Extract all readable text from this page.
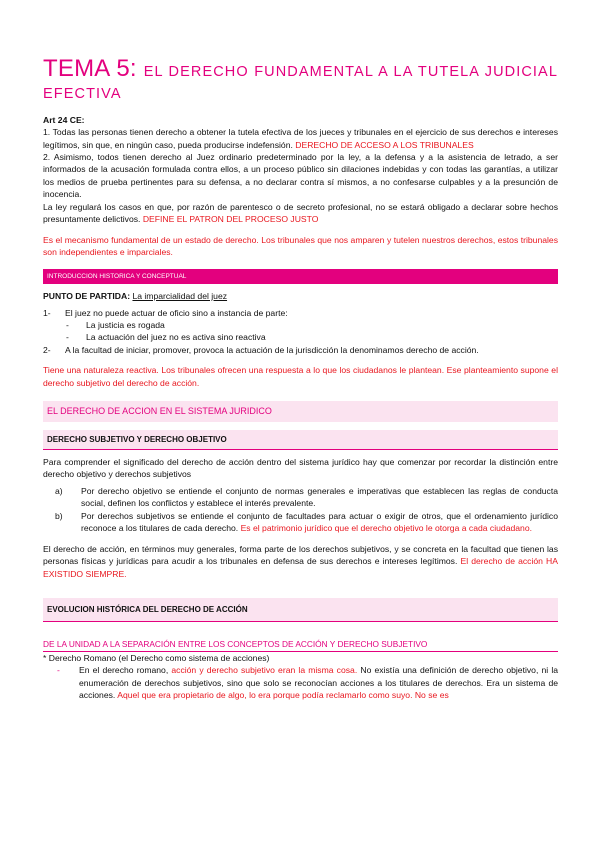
TEMA 5: EL DERECHO FUNDAMENTAL A LA TUTELA JUDICIAL
EFECTIVA

Art 24 CE:

1. Todas las personas tienen derecho a obtener la tutela efectiva de los jueces y tribunales en el ejercicio de sus derechos e intereses legítimos, sin que, en ningún caso, pueda producirse indefensión. DERECHO DE ACCESO A LOS TRIBUNALES

2. Asimismo, todos tienen derecho al Juez ordinario predeterminado por la ley, a la defensa y a la asistencia de letrado, a ser informados de la acusación formulada contra ellos, a un proceso público sin dilaciones indebidas y con todas las garantías, a utilizar los medios de prueba pertinentes para su defensa, a no declarar contra sí mismos, a no confesarse culpables y a la presunción de inocencia.

La ley regulará los casos en que, por razón de parentesco o de secreto profesional, no se estará obligado a declarar sobre hechos presuntamente delictivos. DEFINE EL PATRON DEL PROCESO JUSTO

Es el mecanismo fundamental de un estado de derecho. Los tribunales que nos amparen y tutelen nuestros derechos, estos tribunales son independientes e imparciales.

INTRODUCCION HISTORICA Y CONCEPTUAL

PUNTO DE PARTIDA: La imparcialidad del juez

1-	El juez no puede actuar de oficio sino a instancia de parte:
-	La justicia es rogada
-	La actuación del juez no es activa sino reactiva
2-	A la facultad de iniciar, promover, provoca la actuación de la jurisdicción la denominamos derecho de acción.

Tiene una naturaleza reactiva. Los tribunales ofrecen una respuesta a lo que los ciudadanos le plantean. Ese planteamiento supone el derecho subjetivo del derecho de acción.

EL DERECHO DE ACCION EN EL SISTEMA JURIDICO
DERECHO SUBJETIVO Y DERECHO OBJETIVO

Para comprender el significado del derecho de acción dentro del sistema jurídico hay que comenzar por recordar la distinción entre derecho objetivo y derechos subjetivos

a)	Por derecho objetivo se entiende el conjunto de normas generales e imperativas que establecen las reglas de conducta social, definen los conflictos y establece el interés prevalente.
b)	Por derechos subjetivos se entiende el conjunto de facultades para actuar o exigir de otros, que el ordenamiento jurídico reconoce a los titulares de cada derecho. Es el patrimonio jurídico que el derecho objetivo le otorga a cada ciudadano.

El derecho de acción, en términos muy generales, forma parte de los derechos subjetivos, y se concreta en la facultad que tienen las personas físicas y jurídicas para acudir a los tribunales en defensa de sus derechos e intereses legítimos. El derecho de acción HA EXISTIDO SIEMPRE.

EVOLUCION HISTÓRICA DEL DERECHO DE ACCIÓN
DE LA UNIDAD A LA SEPARACIÓN ENTRE LOS CONCEPTOS DE ACCIÓN Y DERECHO SUBJETIVO

* Derecho Romano (el Derecho como sistema de acciones)

-	En el derecho romano, acción y derecho subjetivo eran la misma cosa. No existía una definición de derecho objetivo, ni la enumeración de derechos subjetivos, sino que solo se reconocían acciones a los titulares de derechos. Era un sistema de acciones. Aquel que era propietario de algo, lo era porque podía reclamarlo como suyo. No se es
